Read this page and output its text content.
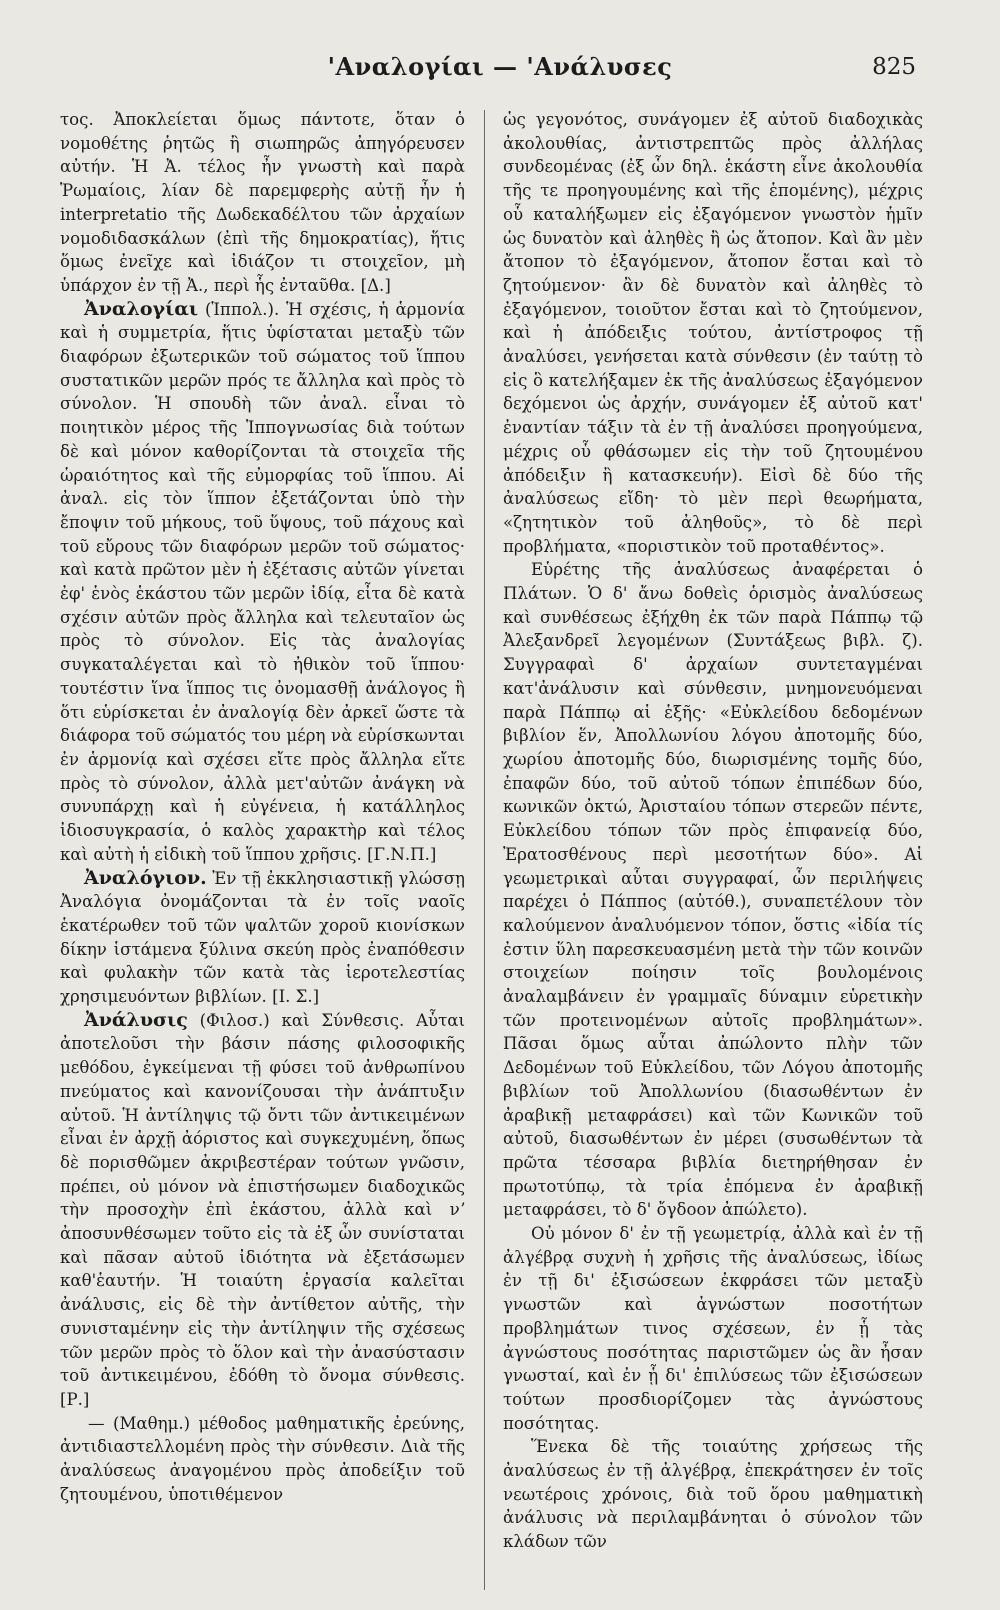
'Αναλογίαι — 'Ανάλυσες	825

τος. Ἀποκλείεται ὅμως πάντοτε, ὅταν ὁ νομοθέτης ῥητῶς ἢ σιωπηρῶς ἀπηγόρευσεν αὐτήν. Ἡ Ἀ. τέλος ἦν γνωστὴ καὶ παρὰ Ῥωμαίοις, λίαν δὲ παρεμφερὴς αὐτῇ ἦν ἡ interpretatio τῆς Δωδεκαδέλτου τῶν ἀρχαίων νομοδιδασκάλων (ἐπὶ τῆς δημοκρατίας), ἥτις ὅμως ἐνεῖχε καὶ ἰδιάζον τι στοιχεῖον, μὴ ὑπάρχον ἐν τῇ Ἀ., περὶ ἧς ἐνταῦθα. [Δ.]

Ἀναλογίαι (Ἱππολ.). Ἡ σχέσις, ἡ ἁρμονία καὶ ἡ συμμετρία, ἥτις ὑφίσταται μεταξὺ τῶν διαφόρων ἐξωτερικῶν τοῦ σώματος τοῦ ἵππου συστατικῶν μερῶν πρός τε ἄλληλα καὶ πρὸς τὸ σύνολον. Ἡ σπουδὴ τῶν ἀναλ. εἶναι τὸ ποιητικὸν μέρος τῆς Ἱππογνωσίας διὰ τούτων δὲ καὶ μόνον καθορίζονται τὰ στοιχεῖα τῆς ὡραιότητος καὶ τῆς εὐμορφίας τοῦ ἵππου. Αἱ ἀναλ. εἰς τὸν ἵππον ἐξετάζονται ὑπὸ τὴν ἔποψιν τοῦ μήκους, τοῦ ὕψους, τοῦ πάχους καὶ τοῦ εὔρους τῶν διαφόρων μερῶν τοῦ σώματος· καὶ κατὰ πρῶτον μὲν ἡ ἐξέτασις αὐτῶν γίνεται ἐφ' ἑνὸς ἑκάστου τῶν μερῶν ἰδίᾳ, εἶτα δὲ κατὰ σχέσιν αὐτῶν πρὸς ἄλληλα καὶ τελευταῖον ὡς πρὸς τὸ σύνολον. Εἰς τὰς ἀναλογίας συγκαταλέγεται καὶ τὸ ἠθικὸν τοῦ ἵππου· τουτέστιν ἵνα ἵππος τις ὀνομασθῇ ἀνάλογος ἢ ὅτι εὑρίσκεται ἐν ἀναλογίᾳ δὲν ἀρκεῖ ὥστε τὰ διάφορα τοῦ σώματός του μέρη νὰ εὑρίσκωνται ἐν ἁρμονίᾳ καὶ σχέσει εἴτε πρὸς ἄλληλα εἴτε πρὸς τὸ σύνολον, ἀλλὰ μετ'αὐτῶν ἀνάγκη νὰ συνυπάρχῃ καὶ ἡ εὐγένεια, ἡ κατάλληλος ἰδιοσυγκρασία, ὁ καλὸς χαρακτὴρ καὶ τέλος καὶ αὐτὴ ἡ εἰδικὴ τοῦ ἵππου χρῆσις. [Γ.Ν.Π.]

Ἀναλόγιον. Ἐν τῇ ἐκκλησιαστικῇ γλώσσῃ Ἀναλόγια ὀνομάζονται τὰ ἐν τοῖς ναοῖς ἑκατέρωθεν τοῦ τῶν ψαλτῶν χοροῦ κιονίσκων δίκην ἱστάμενα ξύλινα σκεύη πρὸς ἐναπόθεσιν καὶ φυλακὴν τῶν κατὰ τὰς ἱεροτελεστίας χρησιμευόντων βιβλίων. [Ι. Σ.]

Ἀνάλυσις (Φιλοσ.) καὶ Σύνθεσις. Αὗται ἀποτελοῦσι τὴν βάσιν πάσης φιλοσοφικῆς μεθόδου, ἐγκείμεναι τῇ φύσει τοῦ ἀνθρωπίνου πνεύματος καὶ κανονίζουσαι τὴν ἀνάπτυξιν αὐτοῦ. Ἡ ἀντίληψις τῷ ὄντι τῶν ἀντικειμένων εἶναι ἐν ἀρχῇ ἀόριστος καὶ συγκεχυμένη, ὅπως δὲ πορισθῶμεν ἀκριβεστέραν τούτων γνῶσιν, πρέπει, οὐ μόνον νὰ ἐπιστήσωμεν διαδοχικῶς τὴν προσοχὴν ἐπὶ ἑκάστου, ἀλλὰ καὶ νʼ ἀποσυνθέσωμεν τοῦτο εἰς τὰ ἐξ ὧν συνίσταται καὶ πᾶσαν αὐτοῦ ἰδιότητα νὰ ἐξετάσωμεν καθ'ἑαυτήν. Ἡ τοιαύτη ἐργασία καλεῖται ἀνάλυσις, εἰς δὲ τὴν ἀντίθετον αὐτῆς, τὴν συνισταμένην εἰς τὴν ἀντίληψιν τῆς σχέσεως τῶν μερῶν πρὸς τὸ ὅλον καὶ τὴν ἀνασύστασιν τοῦ ἀντικειμένου, ἐδόθη τὸ ὄνομα σύνθεσις. [Ρ.]

— (Μαθημ.) μέθοδος μαθηματικῆς ἐρεύνης, ἀντιδιαστελλομένη πρὸς τὴν σύνθεσιν. Διὰ τῆς ἀναλύσεως ἀναγομένου πρὸς ἀποδείξιν τοῦ ζητουμένου, ὑποτιθέμενον

ὡς γεγονότος, συνάγομεν ἐξ αὐτοῦ διαδοχικὰς ἀκολουθίας, ἀντιστρεπτῶς πρὸς ἀλλήλας συνδεομένας (ἐξ ὧν δηλ. ἑκάστη εἶνε ἀκολουθία τῆς τε προηγουμένης καὶ τῆς ἑπομένης), μέχρις οὗ καταλήξωμεν εἰς ἐξαγόμενον γνωστὸν ἡμῖν ὡς δυνατὸν καὶ ἀληθὲς ἢ ὡς ἄτοπον. Καὶ ἂν μὲν ἄτοπον τὸ ἐξαγόμενον, ἄτοπον ἔσται καὶ τὸ ζητούμενον· ἂν δὲ δυνατὸν καὶ ἀληθὲς τὸ ἐξαγόμενον, τοιοῦτον ἔσται καὶ τὸ ζητούμενον, καὶ ἡ ἀπόδειξις τούτου, ἀντίστροφος τῇ ἀναλύσει, γενήσεται κατὰ σύνθεσιν (ἐν ταύτῃ τὸ εἰς ὃ κατελήξαμεν ἐκ τῆς ἀναλύσεως ἐξαγόμενον δεχόμενοι ὡς ἀρχήν, συνάγομεν ἐξ αὐτοῦ κατ' ἐναντίαν τάξιν τὰ ἐν τῇ ἀναλύσει προηγούμενα, μέχρις οὗ φθάσωμεν εἰς τὴν τοῦ ζητουμένου ἀπόδειξιν ἢ κατασκευήν). Εἰσὶ δὲ δύο τῆς ἀναλύσεως εἴδη· τὸ μὲν περὶ θεωρήματα, «ζητητικὸν τοῦ ἀληθοῦς», τὸ δὲ περὶ προβλήματα, «ποριστικὸν τοῦ προταθέντος».

Εὑρέτης τῆς ἀναλύσεως ἀναφέρεται ὁ Πλάτων. Ὁ δ' ἄνω δοθεὶς ὁρισμὸς ἀναλύσεως καὶ συνθέσεως ἐξήχθη ἐκ τῶν παρὰ Πάππῳ τῷ Ἀλεξανδρεῖ λεγομένων (Συντάξεως βιβλ. ζ). Συγγραφαὶ δ' ἀρχαίων συντεταγμέναι κατ'ἀνάλυσιν καὶ σύνθεσιν, μνημονευόμεναι παρὰ Πάππῳ αἱ ἑξῆς· «Εὐκλείδου δεδομένων βιβλίον ἕν, Ἀπολλωνίου λόγου ἀποτομῆς δύο, χωρίου ἀποτομῆς δύο, διωρισμένης τομῆς δύο, ἐπαφῶν δύο, τοῦ αὐτοῦ τόπων ἐπιπέδων δύο, κωνικῶν ὀκτώ, Ἀρισταίου τόπων στερεῶν πέντε, Εὐκλείδου τόπων τῶν πρὸς ἐπιφανείᾳ δύο, Ἐρατοσθένους περὶ μεσοτήτων δύο». Αἱ γεωμετρικαὶ αὗται συγγραφαί, ὧν περιλήψεις παρέχει ὁ Πάππος (αὐτόθ.), συναπετέλουν τὸν καλούμενον ἀναλυόμενον τόπον, ὅστις «ἰδία τίς ἐστιν ὕλη παρεσκευασμένη μετὰ τὴν τῶν κοινῶν στοιχείων ποίησιν τοῖς βουλομένοις ἀναλαμβάνειν ἐν γραμμαῖς δύναμιν εὑρετικὴν τῶν προτεινομένων αὐτοῖς προβλημάτων». Πᾶσαι ὅμως αὗται ἀπώλοντο πλὴν τῶν Δεδομένων τοῦ Εὐκλείδου, τῶν Λόγου ἀποτομῆς βιβλίων τοῦ Ἀπολλωνίου (διασωθέντων ἐν ἀραβικῇ μεταφράσει) καὶ τῶν Κωνικῶν τοῦ αὐτοῦ, διασωθέντων ἐν μέρει (συσωθέντων τὰ πρῶτα τέσσαρα βιβλία διετηρήθησαν ἐν πρωτοτύπῳ, τὰ τρία ἑπόμενα ἐν ἀραβικῇ μεταφράσει, τὸ δ' ὄγδοον ἀπώλετο).

Οὐ μόνον δ' ἐν τῇ γεωμετρίᾳ, ἀλλὰ καὶ ἐν τῇ ἀλγέβρᾳ συχνὴ ἡ χρῆσις τῆς ἀναλύσεως, ἰδίως ἐν τῇ δι' ἐξισώσεων ἐκφράσει τῶν μεταξὺ γνωστῶν καὶ ἀγνώστων ποσοτήτων προβλημάτων τινος σχέσεων, ἐν ᾗ τὰς ἀγνώστους ποσότητας παριστῶμεν ὡς ἂν ἦσαν γνωσταί, καὶ ἐν ᾗ δι' ἐπιλύσεως τῶν ἐξισώσεων τούτων προσδιορίζομεν τὰς ἀγνώστους ποσότητας.

Ἕνεκα δὲ τῆς τοιαύτης χρήσεως τῆς ἀναλύσεως ἐν τῇ ἀλγέβρᾳ, ἐπεκράτησεν ἐν τοῖς νεωτέροις χρόνοις, διὰ τοῦ ὅρου μαθηματικὴ ἀνάλυσις νὰ περιλαμβάνηται ὁ σύνολον τῶν κλάδων τῶν
